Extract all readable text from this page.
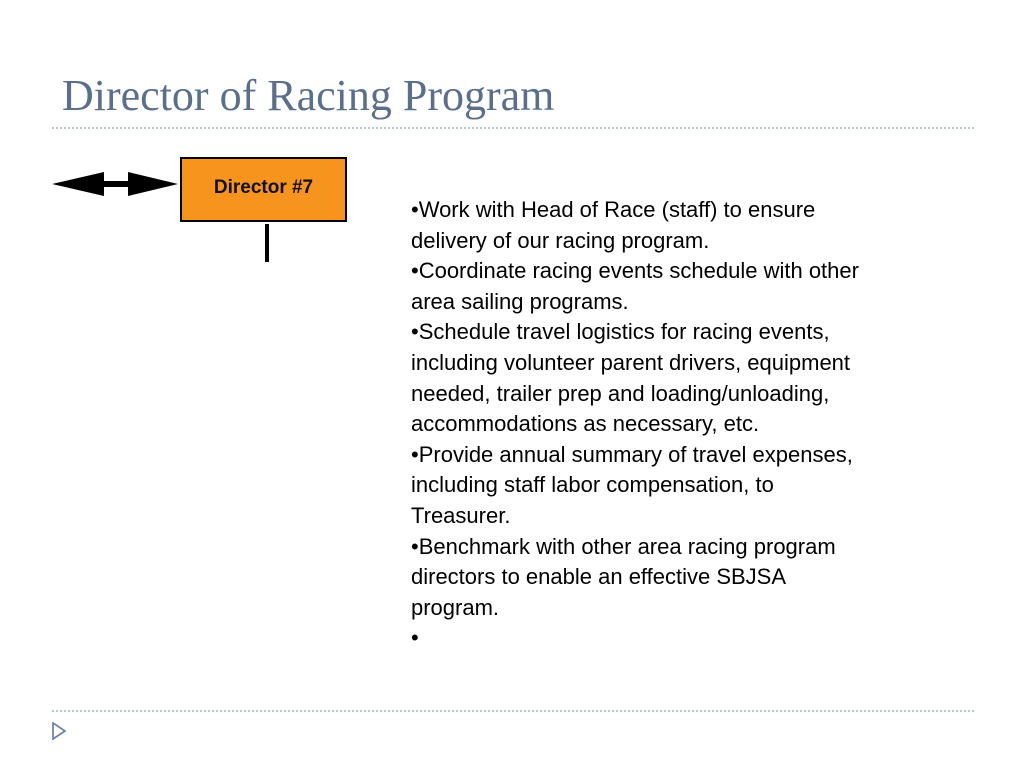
Director of Racing Program
Director #7
•Work with Head of Race (staff) to ensure
delivery of our racing program.
•Coordinate racing events schedule with other
area sailing programs.
•Schedule travel logistics for racing events,
including volunteer parent drivers, equipment
needed, trailer prep and loading/unloading,
accommodations as necessary, etc.
•Provide annual summary of travel expenses,
including staff labor compensation, to
Treasurer.
•Benchmark with other area racing program
directors to enable an effective SBJSA
program.
•
